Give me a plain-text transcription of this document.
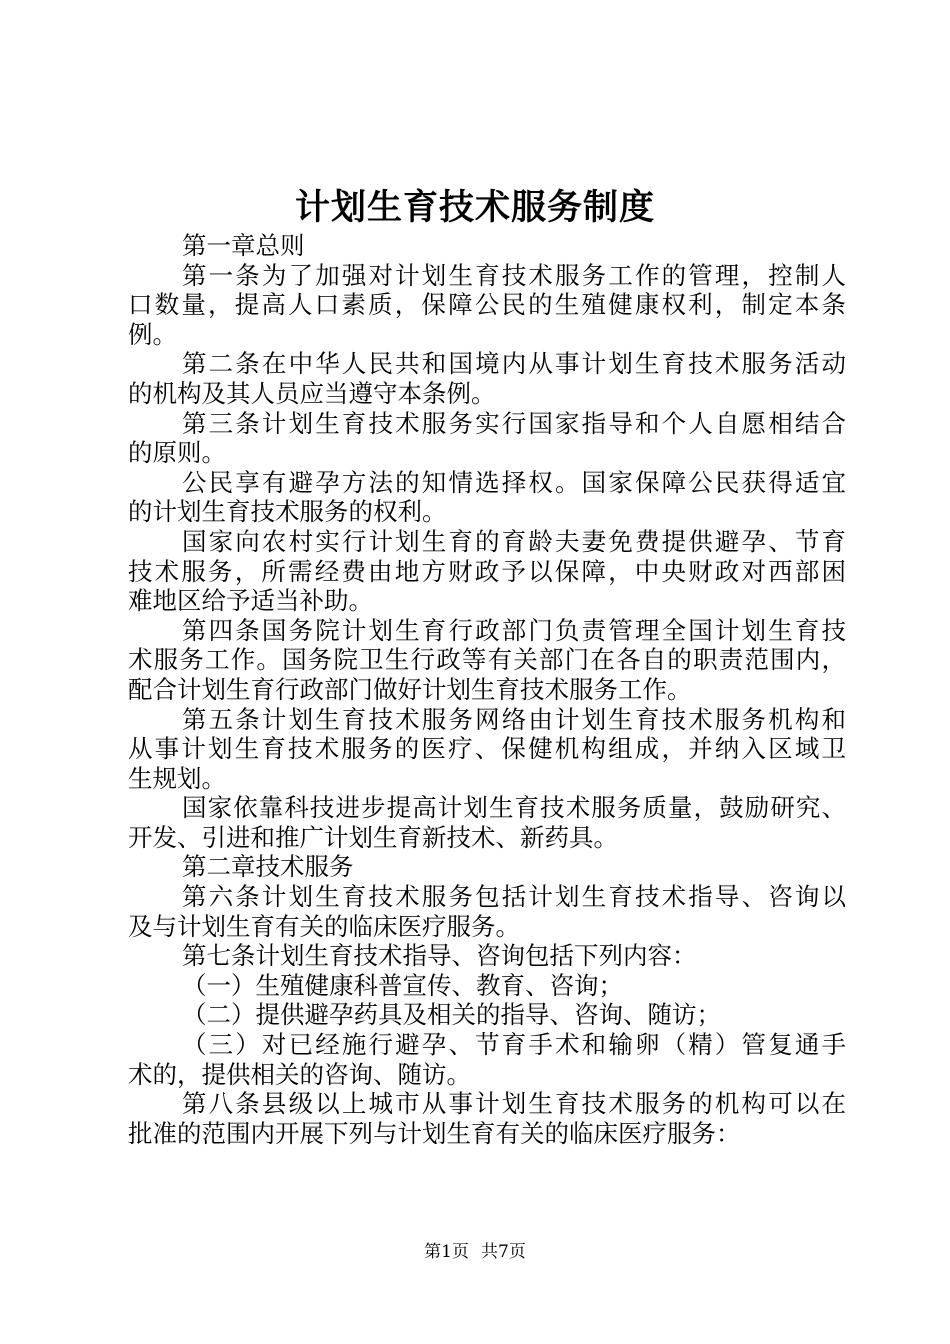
计划生育技术服务制度
第一章总则
第一条为了加强对计划生育技术服务工作的管理，控制人
口数量，提高人口素质，保障公民的生殖健康权利，制定本条
例。
第二条在中华人民共和国境内从事计划生育技术服务活动
的机构及其人员应当遵守本条例。
第三条计划生育技术服务实行国家指导和个人自愿相结合
的原则。
公民享有避孕方法的知情选择权。国家保障公民获得适宜
的计划生育技术服务的权利。
国家向农村实行计划生育的育龄夫妻免费提供避孕、节育
技术服务，所需经费由地方财政予以保障，中央财政对西部困
难地区给予适当补助。
第四条国务院计划生育行政部门负责管理全国计划生育技
术服务工作。国务院卫生行政等有关部门在各自的职责范围内，
配合计划生育行政部门做好计划生育技术服务工作。
第五条计划生育技术服务网络由计划生育技术服务机构和
从事计划生育技术服务的医疗、保健机构组成，并纳入区域卫
生规划。
国家依靠科技进步提高计划生育技术服务质量，鼓励研究、
开发、引进和推广计划生育新技术、新药具。
第二章技术服务
第六条计划生育技术服务包括计划生育技术指导、咨询以
及与计划生育有关的临床医疗服务。
第七条计划生育技术指导、咨询包括下列内容：
（一）生殖健康科普宣传、教育、咨询；
（二）提供避孕药具及相关的指导、咨询、随访；
（三）对已经施行避孕、节育手术和输卵（精）管复通手
术的，提供相关的咨询、随访。
第八条县级以上城市从事计划生育技术服务的机构可以在
批准的范围内开展下列与计划生育有关的临床医疗服务：
第1页 共7页
